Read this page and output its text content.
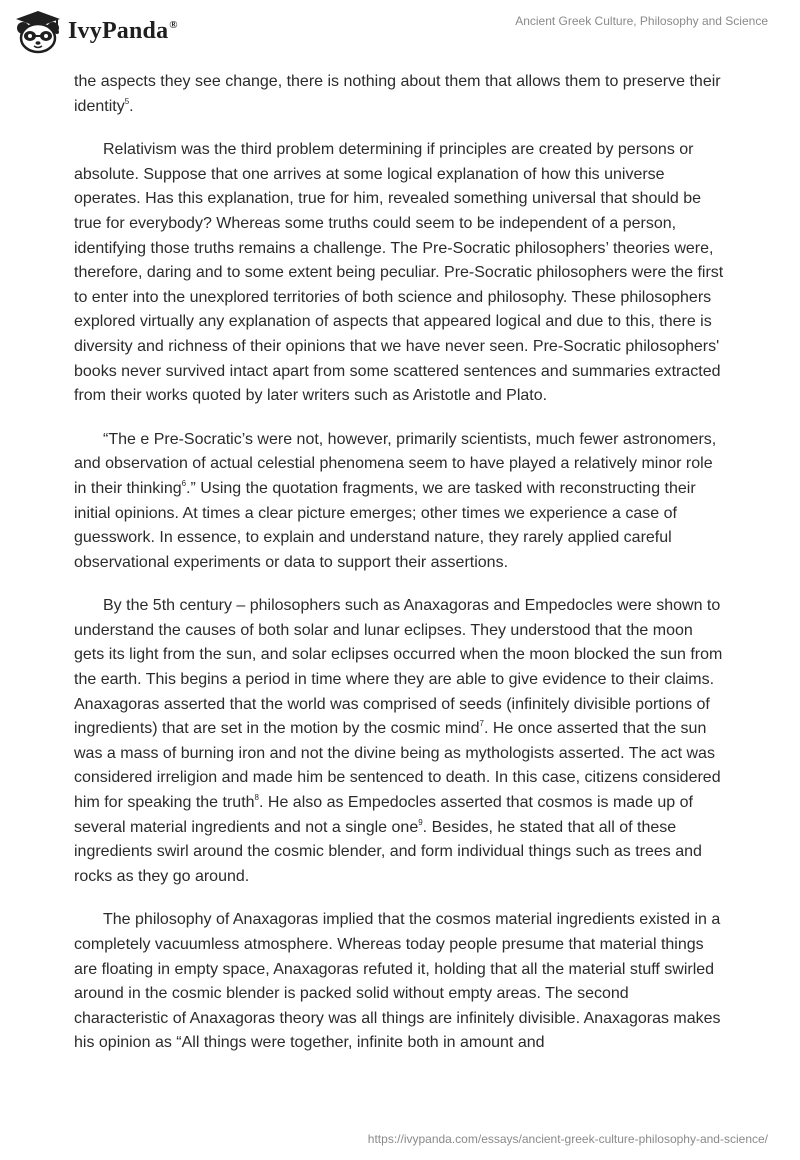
IvyPanda®	Ancient Greek Culture, Philosophy and Science

the aspects they see change, there is nothing about them that allows them to preserve their identity$^5$.

Relativism was the third problem determining if principles are created by persons or absolute. Suppose that one arrives at some logical explanation of how this universe operates. Has this explanation, true for him, revealed something universal that should be true for everybody? Whereas some truths could seem to be independent of a person, identifying those truths remains a challenge. The Pre-Socratic philosophers’ theories were, therefore, daring and to some extent being peculiar. Pre-Socratic philosophers were the first to enter into the unexplored territories of both science and philosophy. These philosophers explored virtually any explanation of aspects that appeared logical and due to this, there is diversity and richness of their opinions that we have never seen. Pre-Socratic philosophers' books never survived intact apart from some scattered sentences and summaries extracted from their works quoted by later writers such as Aristotle and Plato.

“The e Pre-Socratic’s were not, however, primarily scientists, much fewer astronomers, and observation of actual celestial phenomena seem to have played a relatively minor role in their thinking$^6$.” Using the quotation fragments, we are tasked with reconstructing their initial opinions. At times a clear picture emerges; other times we experience a case of guesswork. In essence, to explain and understand nature, they rarely applied careful observational experiments or data to support their assertions.

By the 5th century – philosophers such as Anaxagoras and Empedocles were shown to understand the causes of both solar and lunar eclipses. They understood that the moon gets its light from the sun, and solar eclipses occurred when the moon blocked the sun from the earth. This begins a period in time where they are able to give evidence to their claims. Anaxagoras asserted that the world was comprised of seeds (infinitely divisible portions of ingredients) that are set in the motion by the cosmic mind$^7$. He once asserted that the sun was a mass of burning iron and not the divine being as mythologists asserted. The act was considered irreligion and made him be sentenced to death. In this case, citizens considered him for speaking the truth$^8$. He also as Empedocles asserted that cosmos is made up of several material ingredients and not a single one$^9$. Besides, he stated that all of these ingredients swirl around the cosmic blender, and form individual things such as trees and rocks as they go around.

The philosophy of Anaxagoras implied that the cosmos material ingredients existed in a completely vacuumless atmosphere. Whereas today people presume that material things are floating in empty space, Anaxagoras refuted it, holding that all the material stuff swirled around in the cosmic blender is packed solid without empty areas. The second characteristic of Anaxagoras theory was all things are infinitely divisible. Anaxagoras makes his opinion as “All things were together, infinite both in amount and

https://ivypanda.com/essays/ancient-greek-culture-philosophy-and-science/
